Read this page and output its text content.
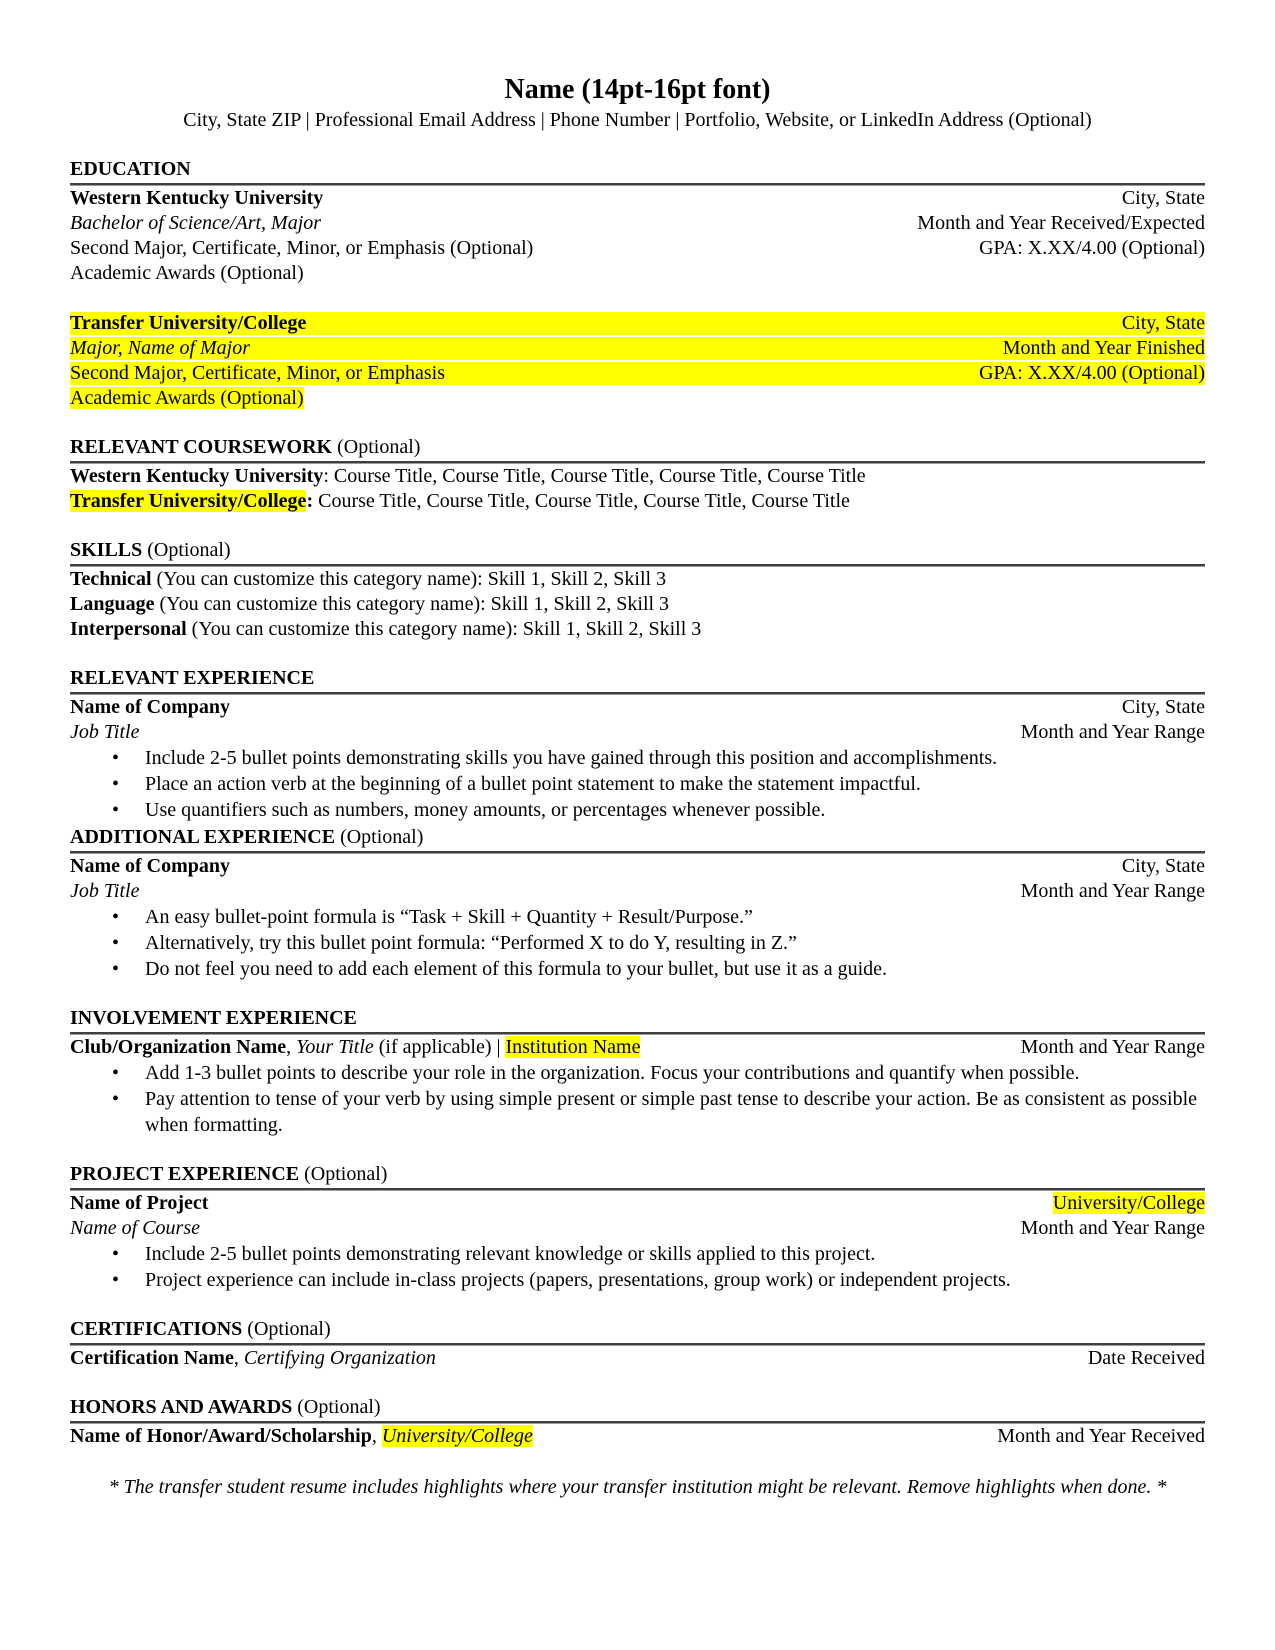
Name (14pt-16pt font)
City, State ZIP | Professional Email Address | Phone Number | Portfolio, Website, or LinkedIn Address (Optional)
EDUCATION
Western Kentucky University	City, State
Bachelor of Science/Art, Major	Month and Year Received/Expected
Second Major, Certificate, Minor, or Emphasis (Optional)	GPA: X.XX/4.00 (Optional)
Academic Awards (Optional)
Transfer University/College	City, State
Major, Name of Major	Month and Year Finished
Second Major, Certificate, Minor, or Emphasis	GPA: X.XX/4.00 (Optional)
Academic Awards (Optional)
RELEVANT COURSEWORK (Optional)
Western Kentucky University: Course Title, Course Title, Course Title, Course Title, Course Title
Transfer University/College: Course Title, Course Title, Course Title, Course Title, Course Title
SKILLS (Optional)
Technical (You can customize this category name): Skill 1, Skill 2, Skill 3
Language (You can customize this category name): Skill 1, Skill 2, Skill 3
Interpersonal (You can customize this category name): Skill 1, Skill 2, Skill 3
RELEVANT EXPERIENCE
Name of Company	City, State
Job Title	Month and Year Range
•	Include 2-5 bullet points demonstrating skills you have gained through this position and accomplishments.
•	Place an action verb at the beginning of a bullet point statement to make the statement impactful.
•	Use quantifiers such as numbers, money amounts, or percentages whenever possible.
ADDITIONAL EXPERIENCE (Optional)
Name of Company	City, State
Job Title	Month and Year Range
•	An easy bullet-point formula is “Task + Skill + Quantity + Result/Purpose.”
•	Alternatively, try this bullet point formula: “Performed X to do Y, resulting in Z.”
•	Do not feel you need to add each element of this formula to your bullet, but use it as a guide.
INVOLVEMENT EXPERIENCE
Club/Organization Name, Your Title (if applicable) | Institution Name	Month and Year Range
•	Add 1-3 bullet points to describe your role in the organization. Focus your contributions and quantify when possible.
•	Pay attention to tense of your verb by using simple present or simple past tense to describe your action. Be as consistent as possible when formatting.
PROJECT EXPERIENCE (Optional)
Name of Project	University/College
Name of Course	Month and Year Range
•	Include 2-5 bullet points demonstrating relevant knowledge or skills applied to this project.
•	Project experience can include in-class projects (papers, presentations, group work) or independent projects.
CERTIFICATIONS (Optional)
Certification Name, Certifying Organization	Date Received
HONORS AND AWARDS (Optional)
Name of Honor/Award/Scholarship, University/College	Month and Year Received
* The transfer student resume includes highlights where your transfer institution might be relevant. Remove highlights when done. *
